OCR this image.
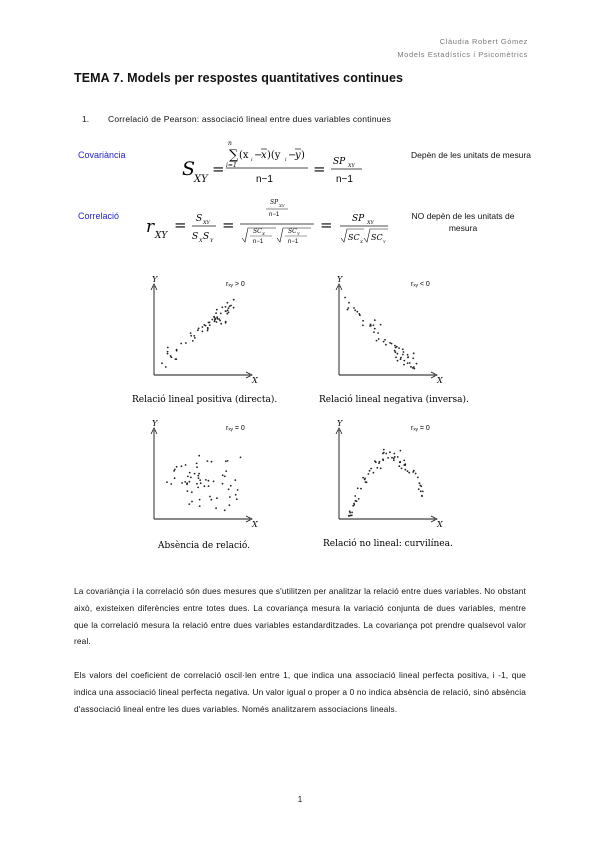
Clàudia Robert Gómez
Models Estadístics i Psicomètrics
TEMA 7. Models per respostes quantitatives continues
1. Correlació de Pearson: associació lineal entre dues variables continues
Covariància	Depèn de les unitats de mesura
Correlació	NO depèn de les unitats de mesura
S
XY
=
n
∑
i=1
(x i −
x )(y i −
y )
n−1
= SP XY
n−1
r XY
= S XY
S X S Y
=
SP XY
n−1
SC X
n−1
SC Y
n−1
= SP XY
SC X SC Y
Y
X
rₓᵧ > 0
Relació lineal positiva (directa).
Y
X
rₓᵧ < 0
Relació lineal negativa (inversa).
Y
X
rₓᵧ = 0
Absència de relació.
Y
X
rₓᵧ = 0
Relació no lineal: curvilínea.
La covariànçia i la correlació són dues mesures que s'utilitzen per analitzar la relació entre dues variables. No obstant això, existeixen diferències entre totes dues. La covariança mesura la variació conjunta de dues variables, mentre que la correlació mesura la relació entre dues variables estandarditzades. La covariança pot prendre qualsevol valor real.
Els valors del coeficient de correlació oscil·len entre 1, que indica una associació lineal perfecta positiva, i -1, que indica una associació lineal perfecta negativa. Un valor igual o proper a 0 no indica absència de relació, sinó absència d'associació lineal entre les dues variables. Només analitzarem associacions lineals.
1
